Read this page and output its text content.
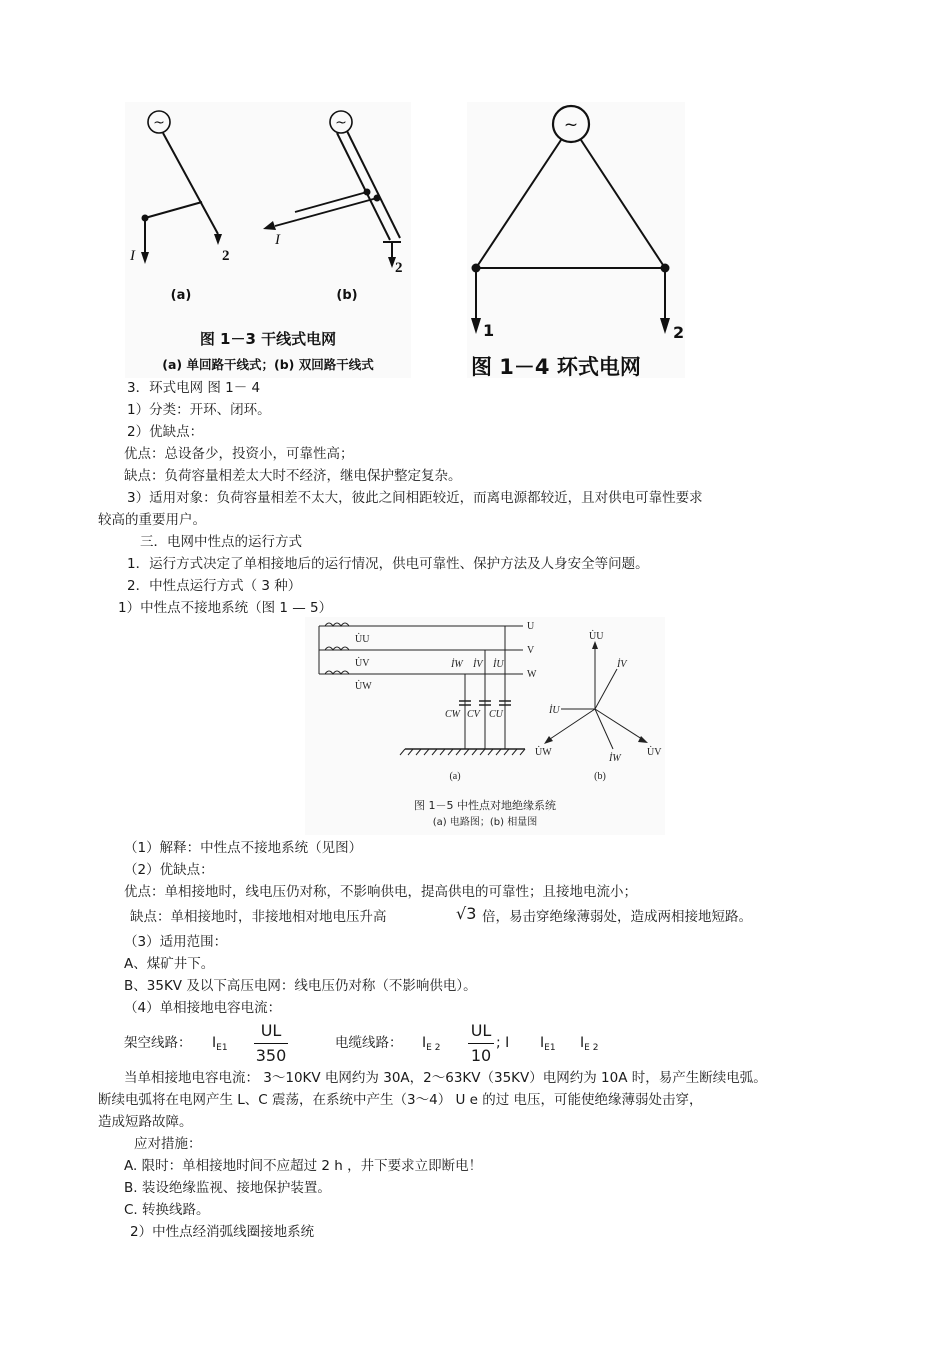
~
I	2
(a)
~
I
2
(b)
图 1－3 干线式电网
(a) 单回路干线式；(b) 双回路干线式
~
1	2
图 1－4 环式电网
3．环式电网 图 1－ 4
1）分类：开环、闭环。
2）优缺点：
优点：总设备少，投资小，可靠性高；
缺点：负荷容量相差太大时不经济，继电保护整定复杂。
3）适用对象：负荷容量相差不太大，彼此之间相距较近，而离电源都较近，且对供电可靠性要求
较高的重要用户。
三．电网中性点的运行方式
1．运行方式决定了单相接地后的运行情况，供电可靠性、保护方法及人身安全等问题。
2．中性点运行方式（ 3 种）
1）中性点不接地系统（图 1 — 5）
U̇U
U̇V
U̇W
U
V
W
İW İV İU
CW CV CU
(a)
U̇U
İV
İU
U̇W
İW
U̇V
(b)
图 1－5 中性点对地绝缘系统
(a) 电路图；(b) 相量图
（1）解释：中性点不接地系统（见图）
（2）优缺点：
优点：单相接地时，线电压仍对称，不影响供电，提高供电的可靠性；且接地电流小；
缺点：单相接地时，非接地相对地电压升高	√3 倍，易击穿绝缘薄弱处，造成两相接地短路。
（3）适用范围：
A、煤矿井下。
B、35KV 及以下高压电网：线电压仍对称（不影响供电）。
（4）单相接地电容电流：
架空线路： $I_{E1}$
UL
350
电缆线路： $I_{E 2}$
UL
10
; I $I_{E1}$ $I_{E 2}$
当单相接地电容电流： 3～10KV 电网约为 30A，2～63KV（35KV）电网约为 10A 时，易产生断续电弧。
断续电弧将在电网产生 L、C 震荡，在系统中产生（3～4） U e 的过 电压，可能使绝缘薄弱处击穿，
造成短路故障。
应对措施：
A. 限时：单相接地时间不应超过 2 h ，井下要求立即断电！
B. 装设绝缘监视、接地保护装置。
C. 转换线路。
2）中性点经消弧线圈接地系统
